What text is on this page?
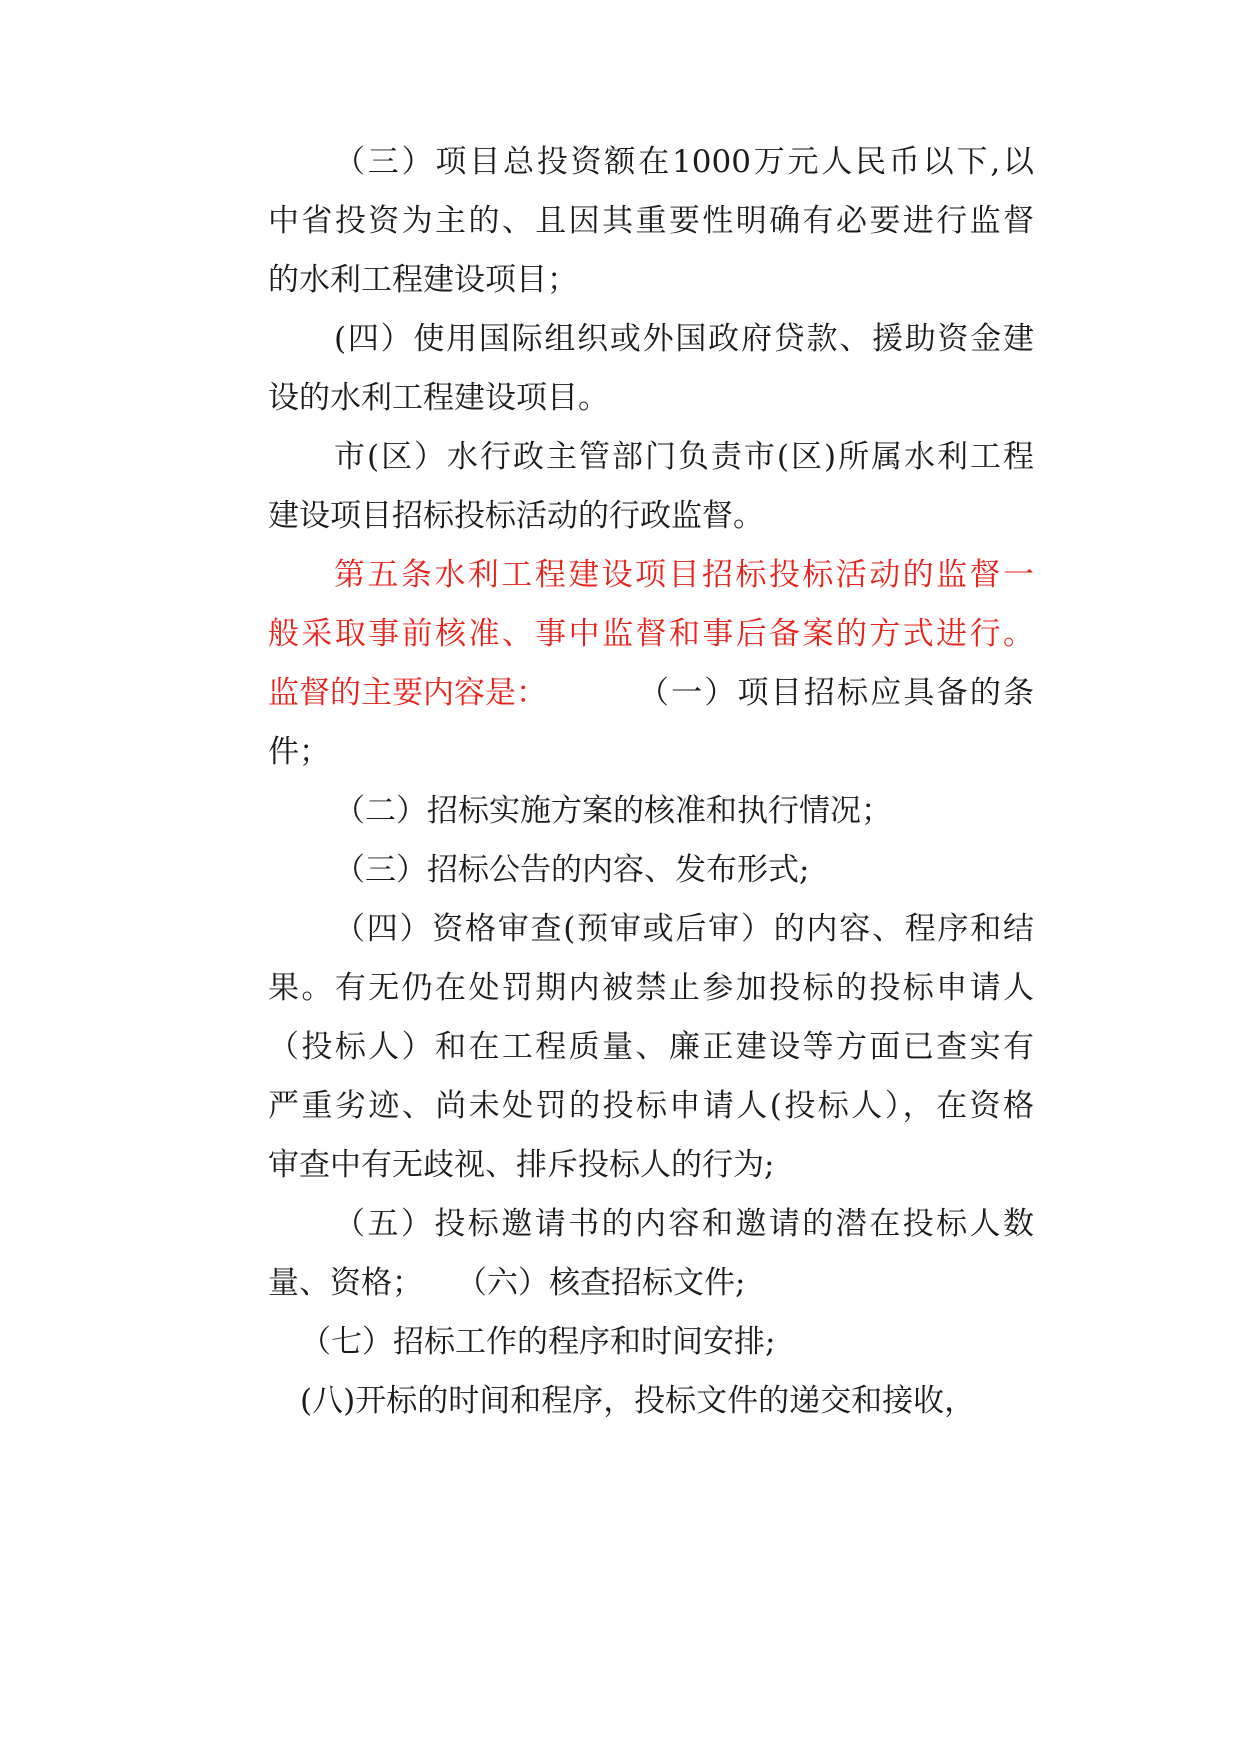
（三）项目总投资额在1000万元人民币以下,以
中省投资为主的、且因其重要性明确有必要进行监督
的水利工程建设项目；
(四）使用国际组织或外国政府贷款、援助资金建
设的水利工程建设项目。
市(区）水行政主管部门负责市(区)所属水利工程
建设项目招标投标活动的行政监督。
第五条水利工程建设项目招标投标活动的监督一
般采取事前核准、事中监督和事后备案的方式进行。
监督的主要内容是：	（一）项目招标应具备的条
件；
（二）招标实施方案的核准和执行情况；
（三）招标公告的内容、发布形式;
（四）资格审查(预审或后审）的内容、程序和结
果。有无仍在处罚期内被禁止参加投标的投标申请人
（投标人）和在工程质量、廉正建设等方面已查实有
严重劣迹、尚未处罚的投标申请人(投标人），在资格
审查中有无歧视、排斥投标人的行为;
（五）投标邀请书的内容和邀请的潜在投标人数
量、资格； （六）核查招标文件;
（七）招标工作的程序和时间安排;
(八)开标的时间和程序，投标文件的递交和接收，
